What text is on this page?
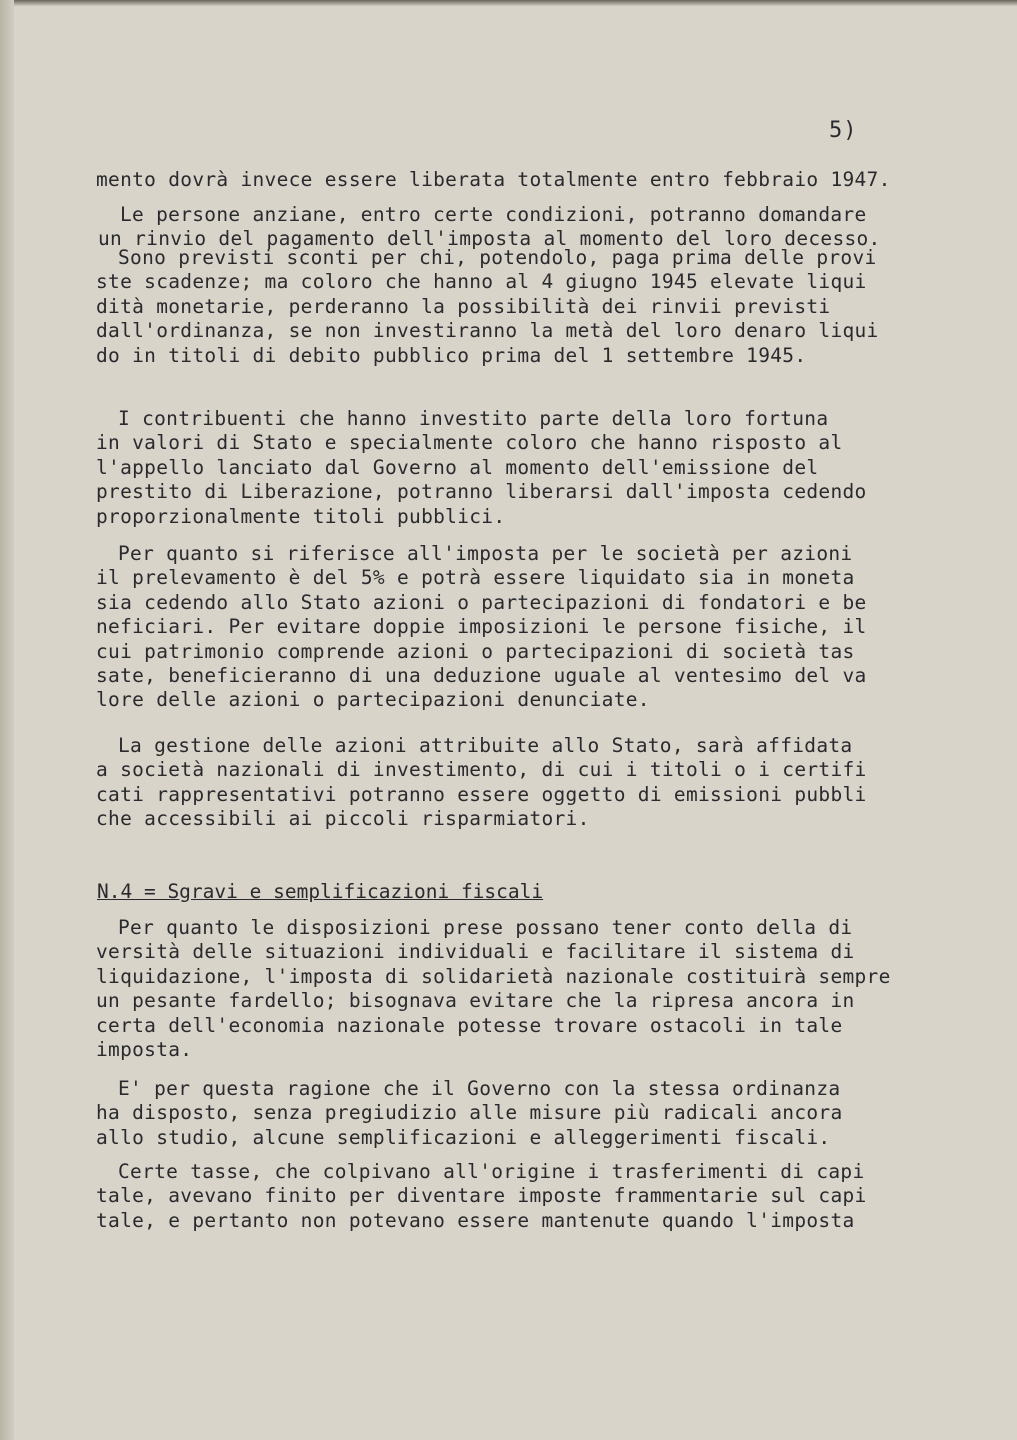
5)
mento dovrà invece essere liberata totalmente entro febbraio 1947.
Le persone anziane, entro certe condizioni, potranno domandare
un rinvio del pagamento dell'imposta al momento del loro decesso.
Sono previsti sconti per chi, potendolo, paga prima delle provi
ste scadenze; ma coloro che hanno al 4 giugno 1945 elevate liqui
dità monetarie, perderanno la possibilità dei rinvii previsti
dall'ordinanza, se non investiranno la metà del loro denaro liqui
do in titoli di debito pubblico prima del 1 settembre 1945.
I contribuenti che hanno investito parte della loro fortuna
in valori di Stato e specialmente coloro che hanno risposto al
l'appello lanciato dal Governo al momento dell'emissione del
prestito di Liberazione, potranno liberarsi dall'imposta cedendo
proporzionalmente titoli pubblici.
Per quanto si riferisce all'imposta per le società per azioni
il prelevamento è del 5% e potrà essere liquidato sia in moneta
sia cedendo allo Stato azioni o partecipazioni di fondatori e be
neficiari. Per evitare doppie imposizioni le persone fisiche, il
cui patrimonio comprende azioni o partecipazioni di società tas
sate, beneficieranno di una deduzione uguale al ventesimo del va
lore delle azioni o partecipazioni denunciate.
La gestione delle azioni attribuite allo Stato, sarà affidata
a società nazionali di investimento, di cui i titoli o i certifi
cati rappresentativi potranno essere oggetto di emissioni pubbli
che accessibili ai piccoli risparmiatori.
N.4 = Sgravi e semplificazioni fiscali
Per quanto le disposizioni prese possano tener conto della di
versità delle situazioni individuali e facilitare il sistema di
liquidazione, l'imposta di solidarietà nazionale costituirà sempre
un pesante fardello; bisognava evitare che la ripresa ancora in
certa dell'economia nazionale potesse trovare ostacoli in tale
imposta.
E' per questa ragione che il Governo con la stessa ordinanza
ha disposto, senza pregiudizio alle misure più radicali ancora
allo studio, alcune semplificazioni e alleggerimenti fiscali.
Certe tasse, che colpivano all'origine i trasferimenti di capi
tale, avevano finito per diventare imposte frammentarie sul capi
tale, e pertanto non potevano essere mantenute quando l'imposta
